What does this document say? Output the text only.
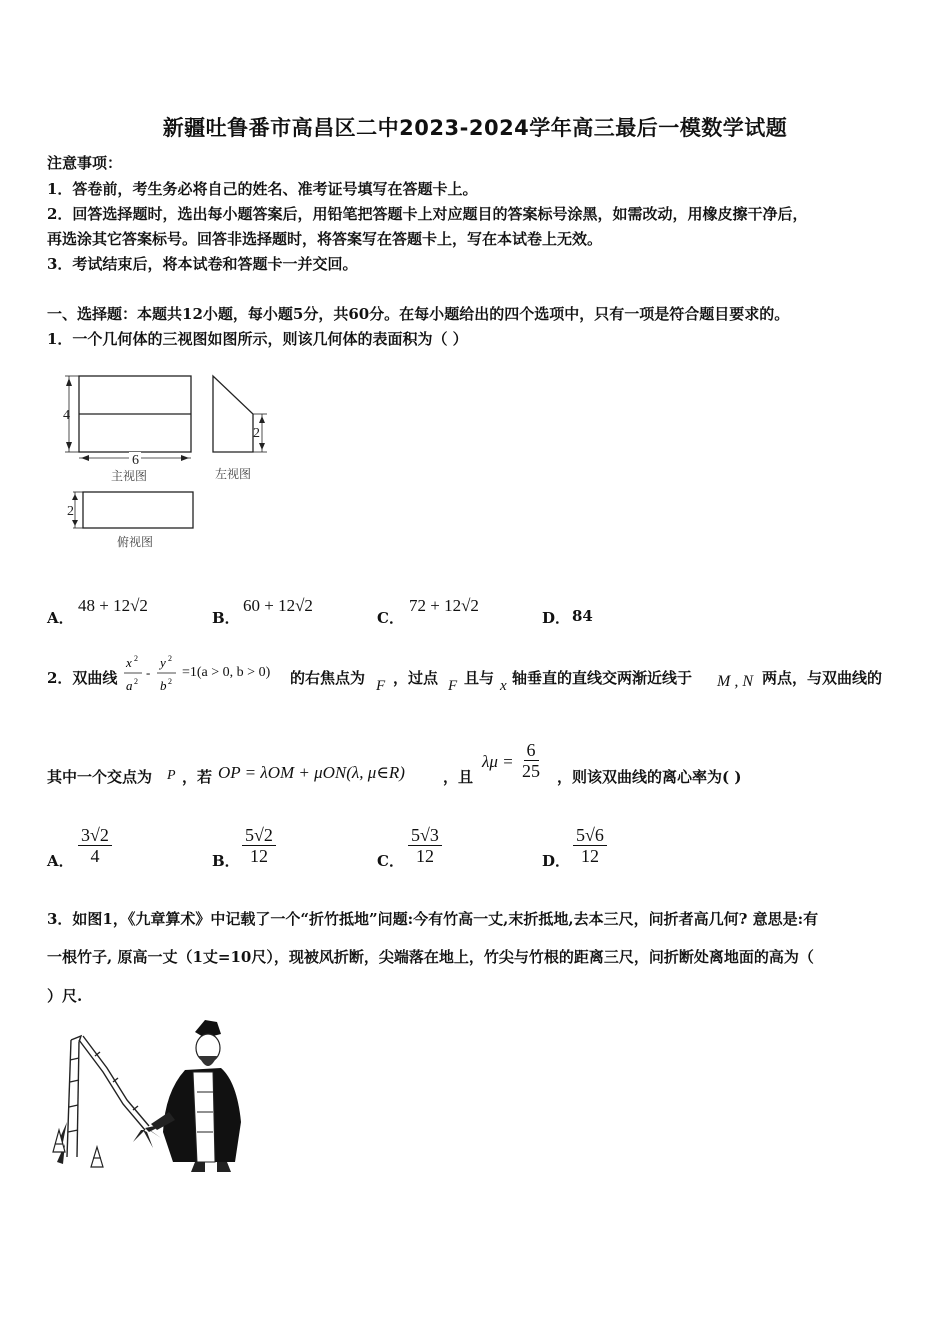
新疆吐鲁番市高昌区二中2023-2024学年高三最后一模数学试题
注意事项：
1．答卷前，考生务必将自己的姓名、准考证号填写在答题卡上。
2．回答选择题时，选出每小题答案后，用铅笔把答题卡上对应题目的答案标号涂黑，如需改动，用橡皮擦干净后，
再选涂其它答案标号。回答非选择题时，将答案写在答题卡上，写在本试卷上无效。
3．考试结束后，将本试卷和答题卡一并交回。
一、选择题：本题共12小题，每小题5分，共60分。在每小题给出的四个选项中，只有一项是符合题目要求的。
1．一个几何体的三视图如图所示，则该几何体的表面积为（ ）
4
6
主视图
2
左视图
2
俯视图
A．
48 + 12√2
B．
60 + 12√2
C．
72 + 12√2
D． 84
2．双曲线
x 2
a 2
-
y 2
b 2
=1(a > 0, b > 0) 的右焦点为 F ，过点 F 且与 x 轴垂直的直线交两渐近线于 M , N 两点，与双曲线的
其中一个交点为 P ，若 OP = λOM + μON(λ, μ∈R)	，且
$\lambda\mu = \frac{6}{25}$ ，则该双曲线的离心率为( )
A． $\frac{3√2}{4}$	B． $\frac{5√2}{12}$	C． $\frac{5√3}{12}$	D． $\frac{5√6}{12}$
3．如图1，《九章算术》中记载了一个“折竹抵地”问题:今有竹高一丈,末折抵地,去本三尺，问折者高几何? 意思是:有
一根竹子, 原高一丈（1丈=10尺），现被风折断，尖端落在地上，竹尖与竹根的距离三尺，问折断处离地面的高为（
）尺.
